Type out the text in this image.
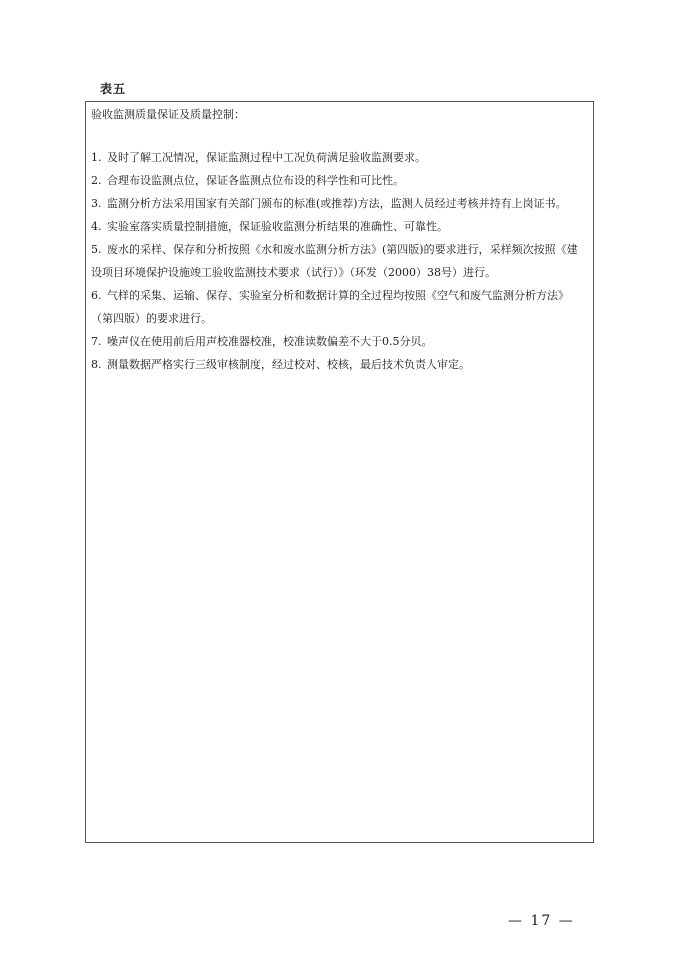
表五
验收监测质量保证及质量控制：
1. 及时了解工况情况，保证监测过程中工况负荷满足验收监测要求。
2. 合理布设监测点位，保证各监测点位布设的科学性和可比性。
3. 监测分析方法采用国家有关部门颁布的标准(或推荐)方法，监测人员经过考核并持有上岗证书。
4. 实验室落实质量控制措施，保证验收监测分析结果的准确性、可靠性。
5. 废水的采样、保存和分析按照《水和废水监测分析方法》(第四版)的要求进行，采样频次按照《建设项目环境保护设施竣工验收监测技术要求（试行）》（环发（2000）38号）进行。
6. 气样的采集、运输、保存、实验室分析和数据计算的全过程均按照《空气和废气监测分析方法》（第四版）的要求进行。
7. 噪声仪在使用前后用声校准器校准，校准读数偏差不大于0.5分贝。
8. 测量数据严格实行三级审核制度，经过校对、校核，最后技术负责人审定。
— 17 —
